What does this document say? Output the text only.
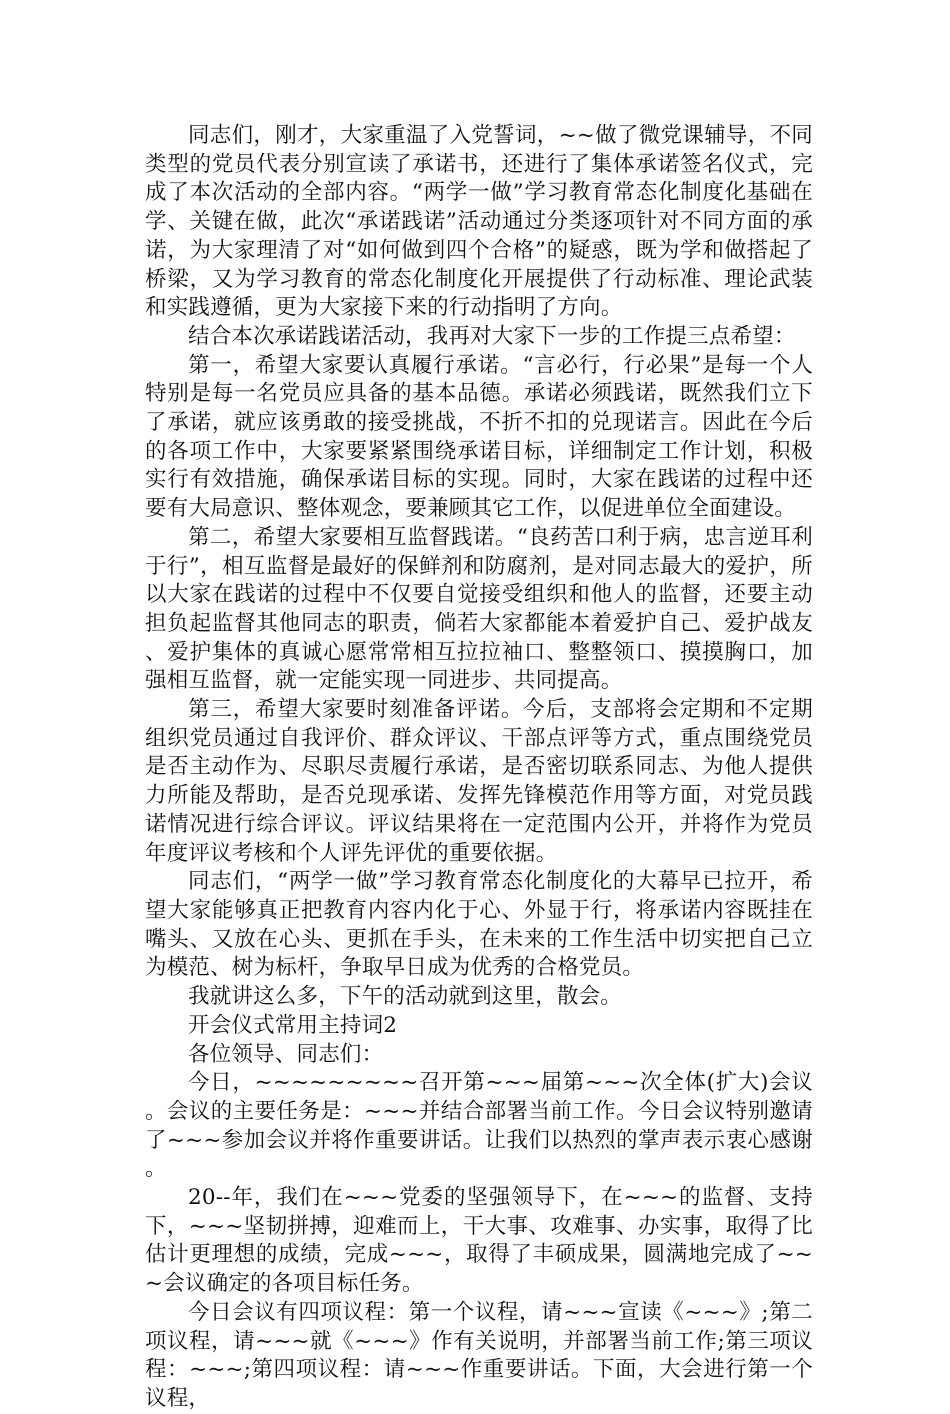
同志们，刚才，大家重温了入党誓词，~~做了微党课辅导，不同类型的党员代表分别宣读了承诺书，还进行了集体承诺签名仪式，完成了本次活动的全部内容。“两学一做”学习教育常态化制度化基础在学、关键在做，此次“承诺践诺”活动通过分类逐项针对不同方面的承诺，为大家理清了对“如何做到四个合格”的疑惑，既为学和做搭起了桥梁，又为学习教育的常态化制度化开展提供了行动标准、理论武装和实践遵循，更为大家接下来的行动指明了方向。

结合本次承诺践诺活动，我再对大家下一步的工作提三点希望：

第一，希望大家要认真履行承诺。“言必行，行必果”是每一个人特别是每一名党员应具备的基本品德。承诺必须践诺，既然我们立下了承诺，就应该勇敢的接受挑战，不折不扣的兑现诺言。因此在今后的各项工作中，大家要紧紧围绕承诺目标，详细制定工作计划，积极实行有效措施，确保承诺目标的实现。同时，大家在践诺的过程中还要有大局意识、整体观念，要兼顾其它工作，以促进单位全面建设。

第二，希望大家要相互监督践诺。“良药苦口利于病，忠言逆耳利于行”，相互监督是最好的保鲜剂和防腐剂，是对同志最大的爱护，所以大家在践诺的过程中不仅要自觉接受组织和他人的监督，还要主动担负起监督其他同志的职责，倘若大家都能本着爱护自己、爱护战友、爱护集体的真诚心愿常常相互拉拉袖口、整整领口、摸摸胸口，加强相互监督，就一定能实现一同进步、共同提高。

第三，希望大家要时刻准备评诺。今后，支部将会定期和不定期组织党员通过自我评价、群众评议、干部点评等方式，重点围绕党员是否主动作为、尽职尽责履行承诺，是否密切联系同志、为他人提供力所能及帮助，是否兑现承诺、发挥先锋模范作用等方面，对党员践诺情况进行综合评议。评议结果将在一定范围内公开，并将作为党员年度评议考核和个人评先评优的重要依据。

同志们，“两学一做”学习教育常态化制度化的大幕早已拉开，希望大家能够真正把教育内容内化于心、外显于行，将承诺内容既挂在嘴头、又放在心头、更抓在手头，在未来的工作生活中切实把自己立为模范、树为标杆，争取早日成为优秀的合格党员。

我就讲这么多，下午的活动就到这里，散会。

开会仪式常用主持词2

各位领导、同志们：

今日，~~~~~~~~~召开第~~~届第~~~次全体(扩大)会议。会议的主要任务是：~~~并结合部署当前工作。今日会议特别邀请了~~~参加会议并将作重要讲话。让我们以热烈的掌声表示衷心感谢。

20--年，我们在~~~党委的坚强领导下，在~~~的监督、支持下，~~~坚韧拼搏，迎难而上，干大事、攻难事、办实事，取得了比估计更理想的成绩，完成~~~，取得了丰硕成果，圆满地完成了~~~会议确定的各项目标任务。

今日会议有四项议程：第一个议程，请~~~宣读《~~~》;第二项议程，请~~~就《~~~》作有关说明，并部署当前工作;第三项议程：~~~;第四项议程：请~~~作重要讲话。下面，大会进行第一个议程，
